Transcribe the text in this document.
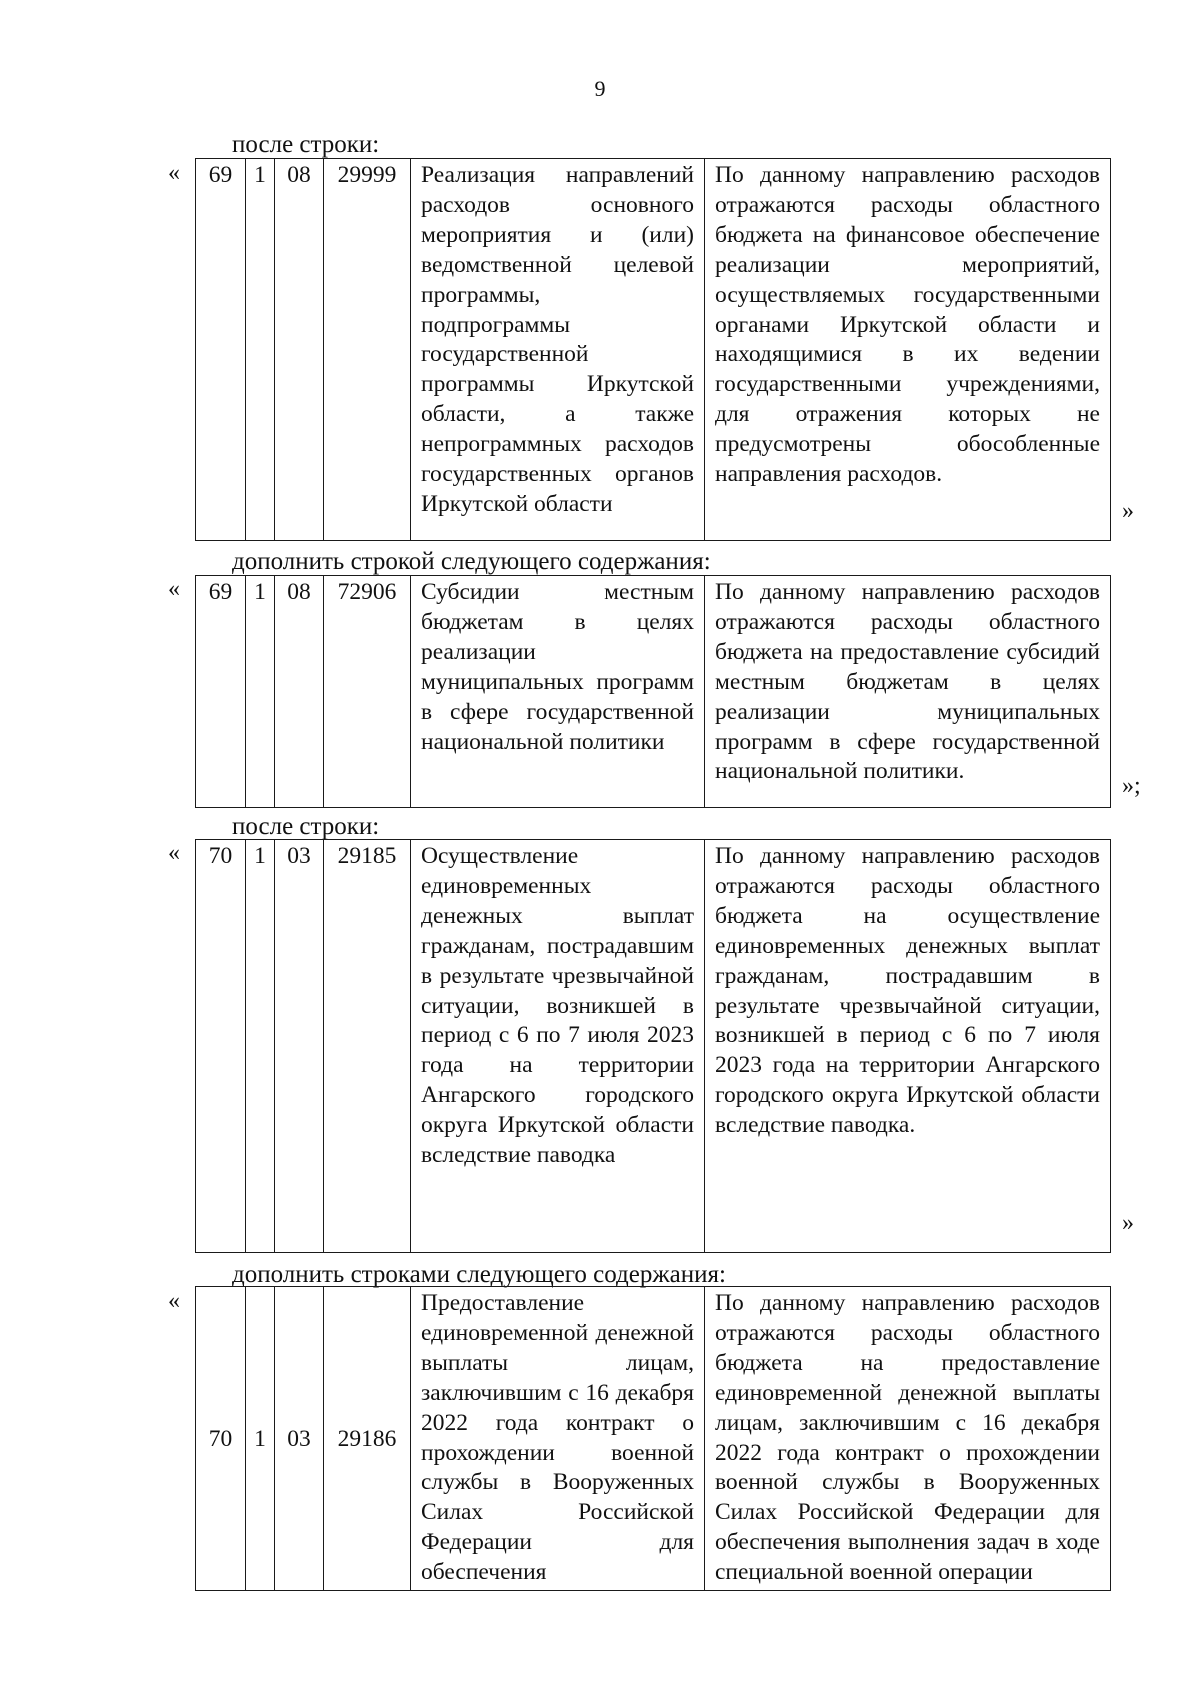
9
после строки:
« 69	1	08	29999	Реализация направлений расходов основного мероприятия и (или) ведомственной целевой программы, подпрограммы государственной программы Иркутской области, а также непрограммных расходов государственных органов Иркутской области	По данному направлению расходов отражаются расходы областного бюджета на финансовое обеспечение реализации мероприятий, осуществляемых государственными органами Иркутской области и находящимися в их ведении государственными учреждениями, для отражения которых не предусмотрены обособленные направления расходов.
»
дополнить строкой следующего содержания:
« 69	1	08	72906	Субсидии местным бюджетам в целях реализации муниципальных программ в сфере государственной национальной политики	По данному направлению расходов отражаются расходы областного бюджета на предоставление субсидий местным бюджетам в целях реализации муниципальных программ в сфере государственной национальной политики.
»;
после строки:
« 70	1	03	29185	Осуществление единовременных денежных выплат гражданам, пострадавшим в результате чрезвычайной ситуации, возникшей в период с 6 по 7 июля 2023 года на территории Ангарского городского округа Иркутской области вследствие паводка	По данному направлению расходов отражаются расходы областного бюджета на осуществление единовременных денежных выплат гражданам, пострадавшим в результате чрезвычайной ситуации, возникшей в период с 6 по 7 июля 2023 года на территории Ангарского городского округа Иркутской области вследствие паводка.
»
дополнить строками следующего содержания:
«
70	1	03	29186	Предоставление единовременной денежной выплаты лицам, заключившим с 16 декабря 2022 года контракт о прохождении военной службы в Вооруженных Силах Российской Федерации для обеспечения	По данному направлению расходов отражаются расходы областного бюджета на предоставление единовременной денежной выплаты лицам, заключившим с 16 декабря 2022 года контракт о прохождении военной службы в Вооруженных Силах Российской Федерации для обеспечения выполнения задач в ходе специальной военной операции
